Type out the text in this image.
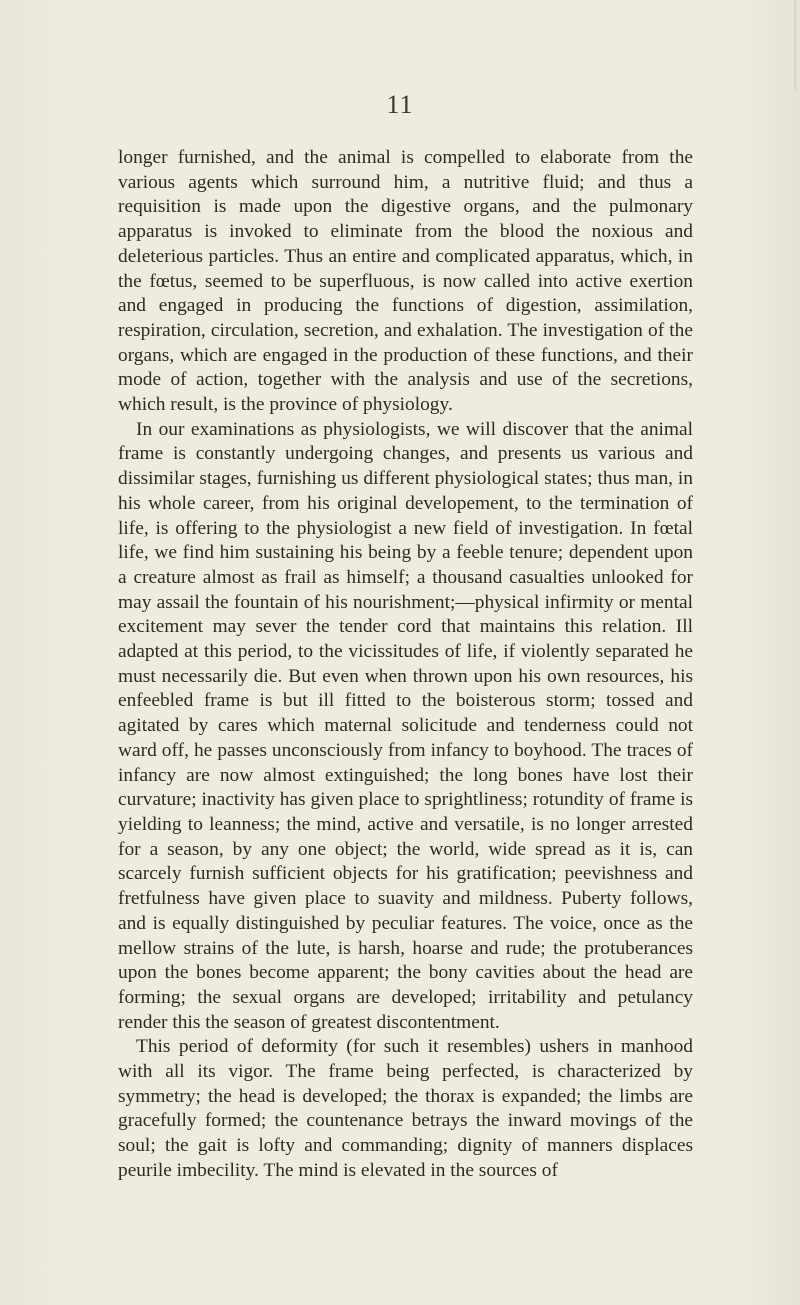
11

longer furnished, and the animal is compelled to elaborate from the various agents which surround him, a nutritive fluid; and thus a requisition is made upon the digestive organs, and the pulmonary apparatus is invoked to eliminate from the blood the noxious and deleterious particles. Thus an entire and complicated apparatus, which, in the fœtus, seemed to be superfluous, is now called into active exertion and engaged in producing the functions of digestion, assimilation, respiration, circulation, secretion, and exhalation. The investigation of the organs, which are engaged in the production of these functions, and their mode of action, together with the analysis and use of the secretions, which result, is the province of physiology.

In our examinations as physiologists, we will discover that the animal frame is constantly undergoing changes, and presents us various and dissimilar stages, furnishing us different physiological states; thus man, in his whole career, from his original developement, to the termination of life, is offering to the physiologist a new field of investigation. In fœtal life, we find him sustaining his being by a feeble tenure; dependent upon a creature almost as frail as himself; a thousand casualties unlooked for may assail the fountain of his nourishment;—physical infirmity or mental excitement may sever the tender cord that maintains this relation. Ill adapted at this period, to the vicissitudes of life, if violently separated he must necessarily die. But even when thrown upon his own resources, his enfeebled frame is but ill fitted to the boisterous storm; tossed and agitated by cares which maternal solicitude and tenderness could not ward off, he passes unconsciously from infancy to boyhood. The traces of infancy are now almost extinguished; the long bones have lost their curvature; inactivity has given place to sprightliness; rotundity of frame is yielding to leanness; the mind, active and versatile, is no longer arrested for a season, by any one object; the world, wide spread as it is, can scarcely furnish sufficient objects for his gratification; peevishness and fretfulness have given place to suavity and mildness. Puberty follows, and is equally distinguished by peculiar features. The voice, once as the mellow strains of the lute, is harsh, hoarse and rude; the protuberances upon the bones become apparent; the bony cavities about the head are forming; the sexual organs are developed; irritability and petulancy render this the season of greatest discontentment.

This period of deformity (for such it resembles) ushers in manhood with all its vigor. The frame being perfected, is characterized by symmetry; the head is developed; the thorax is expanded; the limbs are gracefully formed; the countenance betrays the inward movings of the soul; the gait is lofty and commanding; dignity of manners displaces peurile imbecility. The mind is elevated in the sources of
